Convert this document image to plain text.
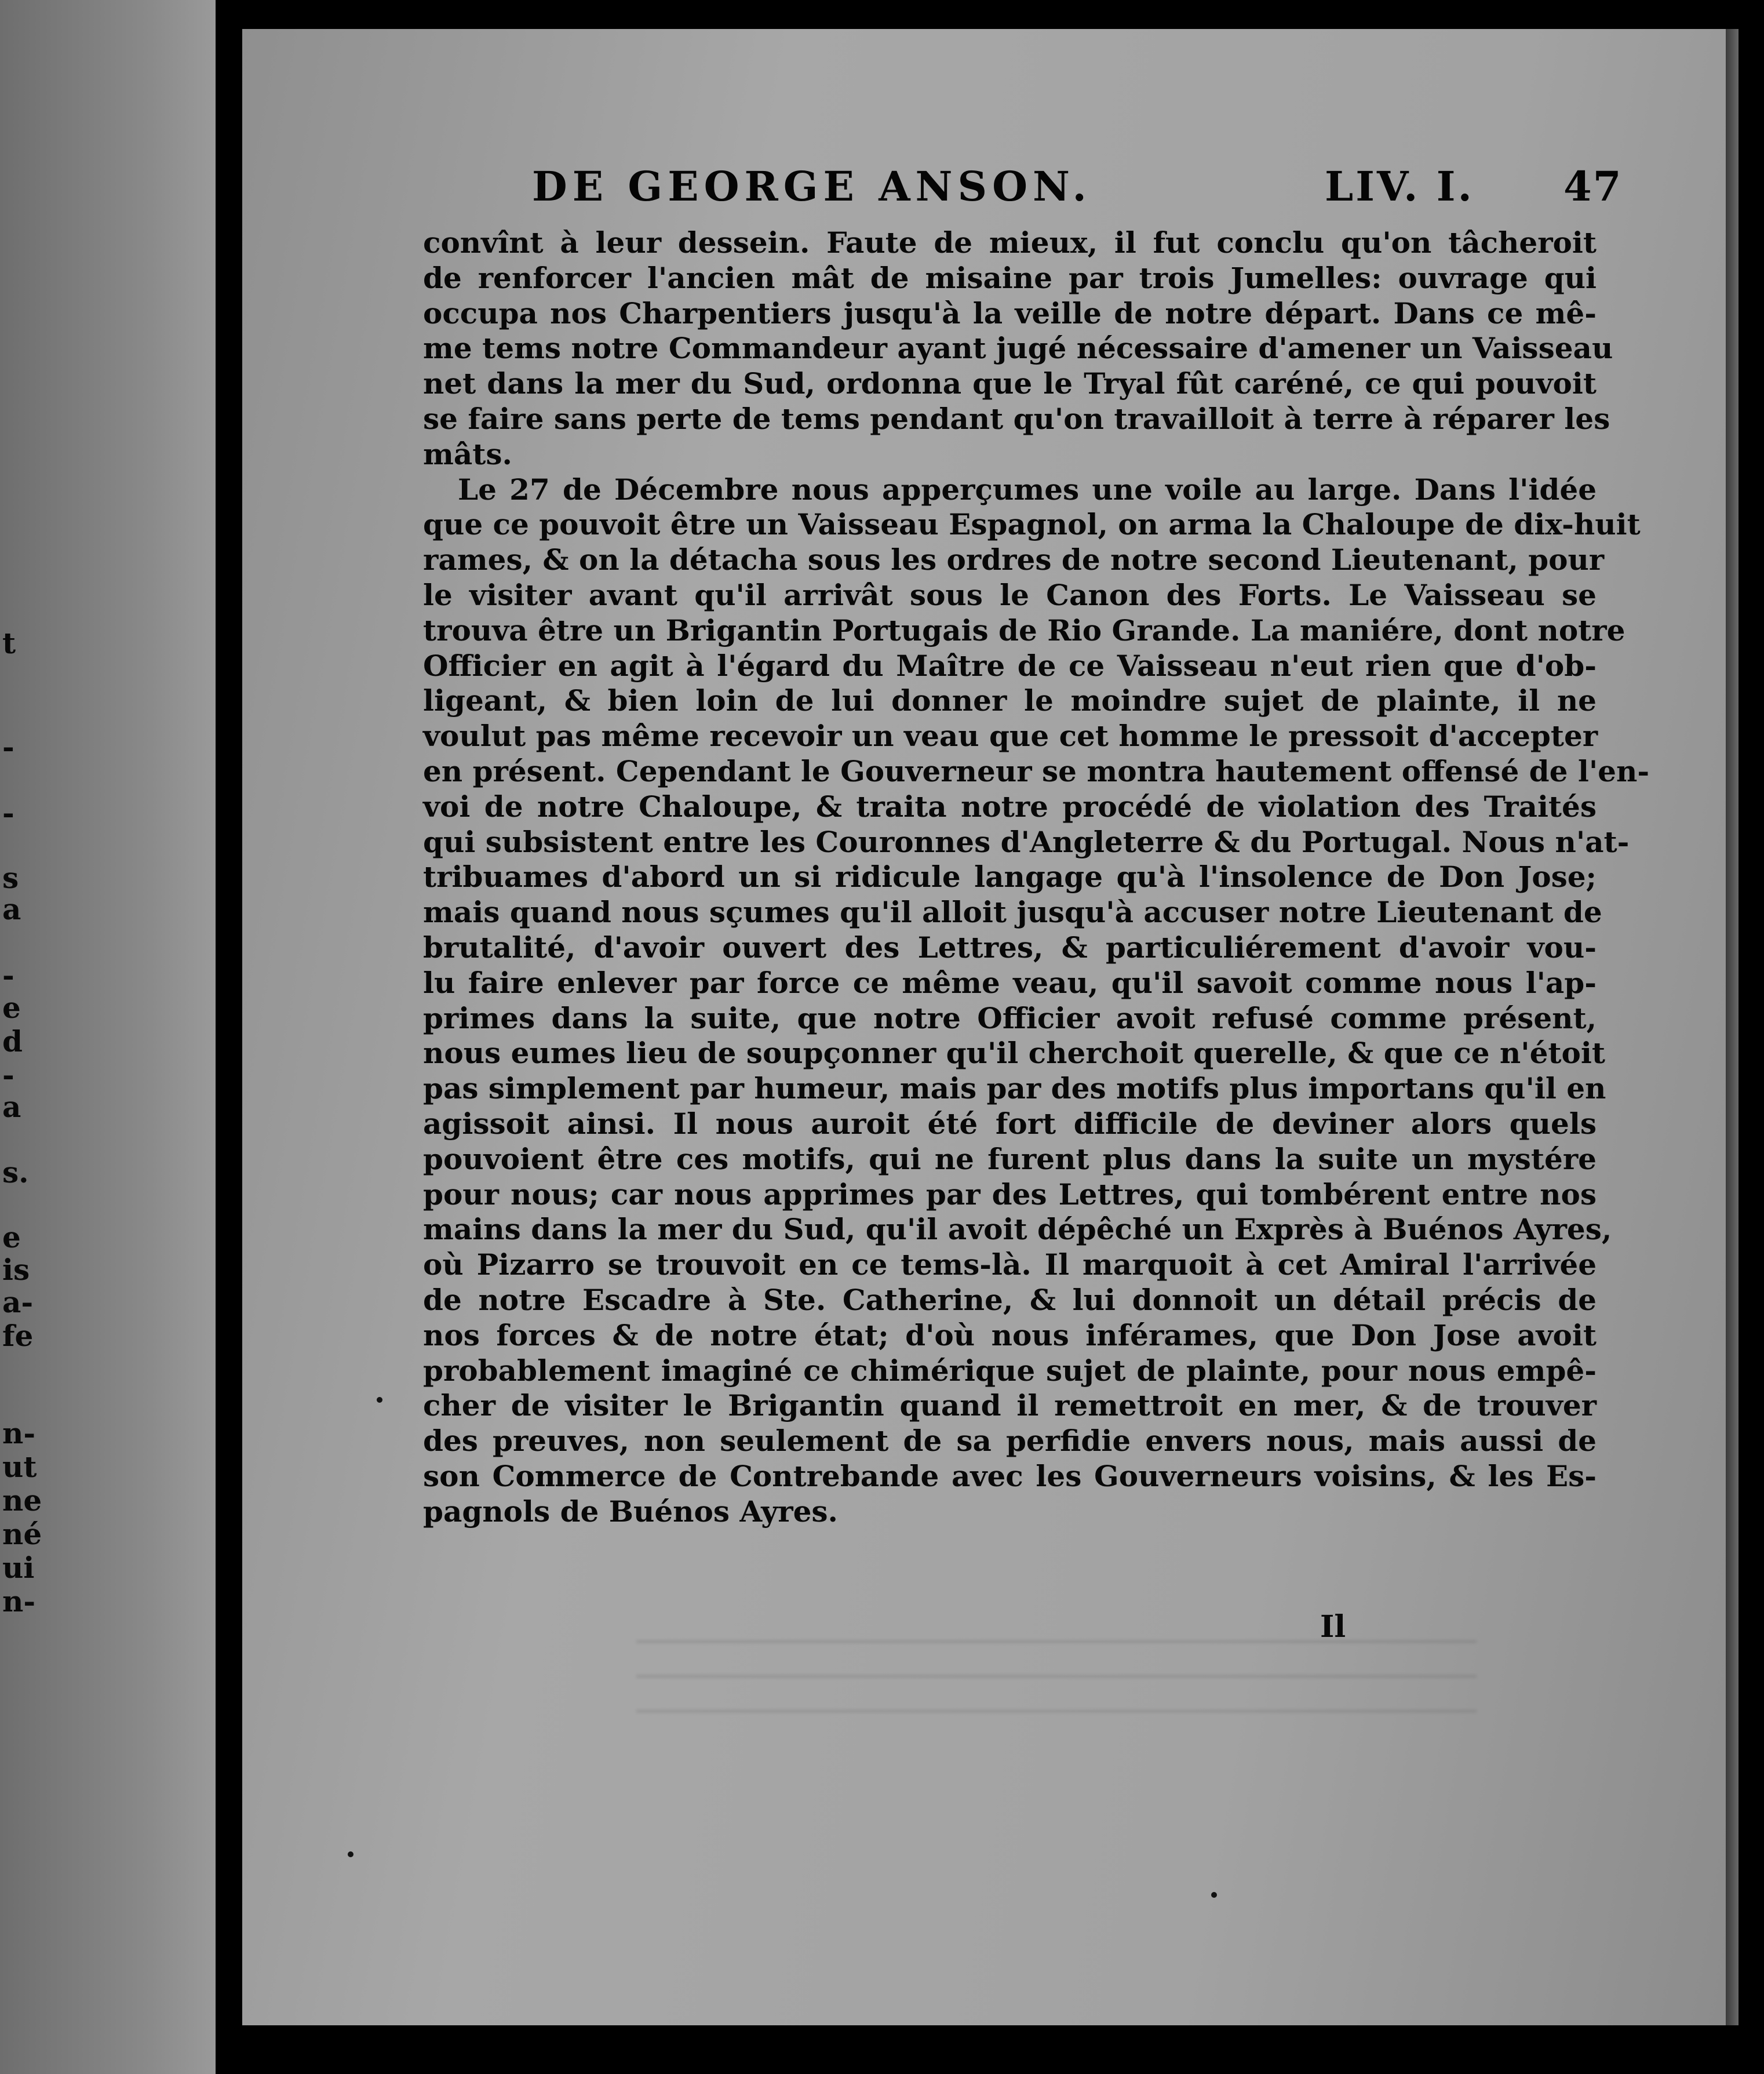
t
-
-
s
a
-
e
d
-
a
s.
e
is
a-
fe
n-
ut
ne
né
ui
n-
DE GEORGE ANSON.	LIV. I. 47
convînt à leur dessein. Faute de mieux, il fut conclu qu'on tâcheroit
de renforcer l'ancien mât de misaine par trois Jumelles: ouvrage qui
occupa nos Charpentiers jusqu'à la veille de notre départ. Dans ce mê-
me tems notre Commandeur ayant jugé nécessaire d'amener un Vaisseau
net dans la mer du Sud, ordonna que le Tryal fût caréné, ce qui pouvoit
se faire sans perte de tems pendant qu'on travailloit à terre à réparer les
mâts.
Le 27 de Décembre nous apperçumes une voile au large. Dans l'idée
que ce pouvoit être un Vaisseau Espagnol, on arma la Chaloupe de dix-huit
rames, & on la détacha sous les ordres de notre second Lieutenant, pour
le visiter avant qu'il arrivât sous le Canon des Forts. Le Vaisseau se
trouva être un Brigantin Portugais de Rio Grande. La maniére, dont notre
Officier en agit à l'égard du Maître de ce Vaisseau n'eut rien que d'ob-
ligeant, & bien loin de lui donner le moindre sujet de plainte, il ne
voulut pas même recevoir un veau que cet homme le pressoit d'accepter
en présent. Cependant le Gouverneur se montra hautement offensé de l'en-
voi de notre Chaloupe, & traita notre procédé de violation des Traités
qui subsistent entre les Couronnes d'Angleterre & du Portugal. Nous n'at-
tribuames d'abord un si ridicule langage qu'à l'insolence de Don Jose;
mais quand nous sçumes qu'il alloit jusqu'à accuser notre Lieutenant de
brutalité, d'avoir ouvert des Lettres, & particuliérement d'avoir vou-
lu faire enlever par force ce même veau, qu'il savoit comme nous l'ap-
primes dans la suite, que notre Officier avoit refusé comme présent,
nous eumes lieu de soupçonner qu'il cherchoit querelle, & que ce n'étoit
pas simplement par humeur, mais par des motifs plus importans qu'il en
agissoit ainsi. Il nous auroit été fort difficile de deviner alors quels
pouvoient être ces motifs, qui ne furent plus dans la suite un mystére
pour nous; car nous apprimes par des Lettres, qui tombérent entre nos
mains dans la mer du Sud, qu'il avoit dépêché un Exprès à Buénos Ayres,
où Pizarro se trouvoit en ce tems-là. Il marquoit à cet Amiral l'arrivée
de notre Escadre à Ste. Catherine, & lui donnoit un détail précis de
nos forces & de notre état; d'où nous inférames, que Don Jose avoit
probablement imaginé ce chimérique sujet de plainte, pour nous empê-
cher de visiter le Brigantin quand il remettroit en mer, & de trouver
des preuves, non seulement de sa perfidie envers nous, mais aussi de
son Commerce de Contrebande avec les Gouverneurs voisins, & les Es-
pagnols de Buénos Ayres.
Il
